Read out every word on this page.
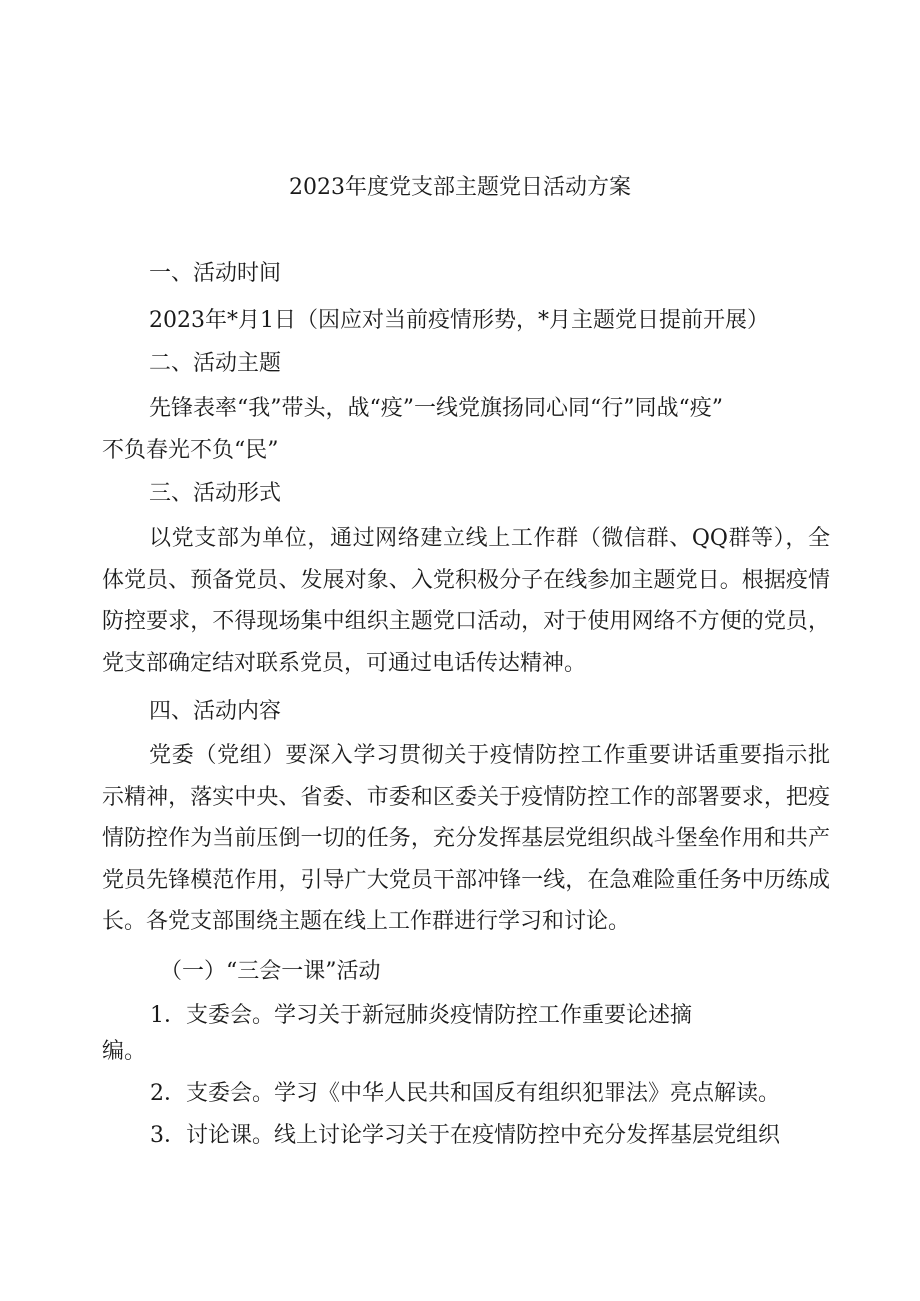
2023年度党支部主题党日活动方案
一、活动时间
2023年*月1日（因应对当前疫情形势，*月主题党日提前开展）
二、活动主题
先锋表率“我”带头，战“疫”一线党旗扬同心同“行”同战“疫”
不负春光不负“民”
三、活动形式
以党支部为单位，通过网络建立线上工作群（微信群、QQ群等），全体党员、预备党员、发展对象、入党积极分子在线参加主题党日。根据疫情防控要求，不得现场集中组织主题党口活动，对于使用网络不方便的党员，党支部确定结对联系党员，可通过电话传达精神。
四、活动内容
党委（党组）要深入学习贯彻关于疫情防控工作重要讲话重要指示批示精神，落实中央、省委、市委和区委关于疫情防控工作的部署要求，把疫情防控作为当前压倒一切的任务，充分发挥基层党组织战斗堡垒作用和共产党员先锋模范作用，引导广大党员干部冲锋一线，在急难险重任务中历练成长。各党支部围绕主题在线上工作群进行学习和讨论。
（一）“三会一课”活动
1．支委会。学习关于新冠肺炎疫情防控工作重要论述摘
编。
2．支委会。学习《中华人民共和国反有组织犯罪法》亮点解读。
3．讨论课。线上讨论学习关于在疫情防控中充分发挥基层党组织
